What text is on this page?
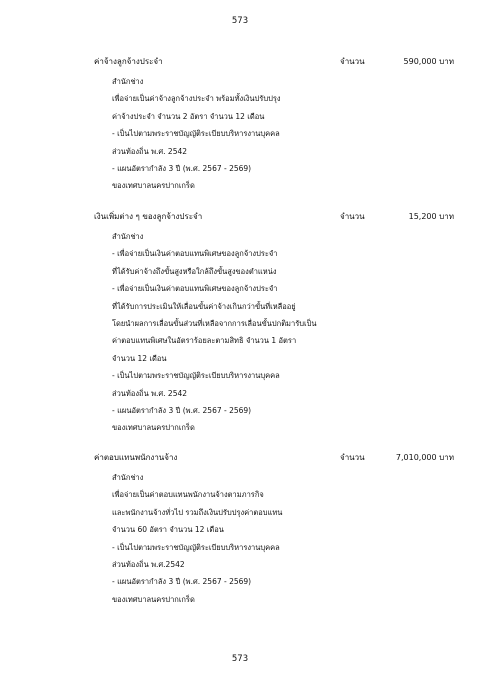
573
ค่าจ้างลูกจ้างประจำ	จำนวน	590,000 บาท
สำนักช่าง
เพื่อจ่ายเป็นค่าจ้างลูกจ้างประจำ พร้อมทั้งเงินปรับปรุง
ค่าจ้างประจำ จำนวน 2 อัตรา จำนวน 12 เดือน
- เป็นไปตามพระราชบัญญัติระเบียบบริหารงานบุคคล
ส่วนท้องถิ่น พ.ศ. 2542
- แผนอัตรากำลัง 3 ปี (พ.ศ. 2567 - 2569)
ของเทศบาลนครปากเกร็ด
เงินเพิ่มต่าง ๆ ของลูกจ้างประจำ	จำนวน	15,200 บาท
สำนักช่าง
- เพื่อจ่ายเป็นเงินค่าตอบแทนพิเศษของลูกจ้างประจำ
ที่ได้รับค่าจ้างถึงขั้นสูงหรือใกล้ถึงขั้นสูงของตำแหน่ง
- เพื่อจ่ายเป็นเงินค่าตอบแทนพิเศษของลูกจ้างประจำ
ที่ได้รับการประเมินให้เลื่อนขั้นค่าจ้างเกินกว่าขั้นที่เหลืออยู่
โดยนำผลการเลื่อนขั้นส่วนที่เหลือจากการเลื่อนขั้นปกติมารับเป็น
ค่าตอบแทนพิเศษในอัตราร้อยละตามสิทธิ จำนวน 1 อัตรา
จำนวน 12 เดือน
- เป็นไปตามพระราชบัญญัติระเบียบบริหารงานบุคคล
ส่วนท้องถิ่น พ.ศ. 2542
- แผนอัตรากำลัง 3 ปี (พ.ศ. 2567 - 2569)
ของเทศบาลนครปากเกร็ด
ค่าตอบแทนพนักงานจ้าง	จำนวน	7,010,000 บาท
สำนักช่าง
เพื่อจ่ายเป็นค่าตอบแทนพนักงานจ้างตามภารกิจ
และพนักงานจ้างทั่วไป รวมถึงเงินปรับปรุงค่าตอบแทน
จำนวน 60 อัตรา จำนวน 12 เดือน
- เป็นไปตามพระราชบัญญัติระเบียบบริหารงานบุคคล
ส่วนท้องถิ่น พ.ศ.2542
- แผนอัตรากำลัง 3 ปี (พ.ศ. 2567 - 2569)
ของเทศบาลนครปากเกร็ด
573
